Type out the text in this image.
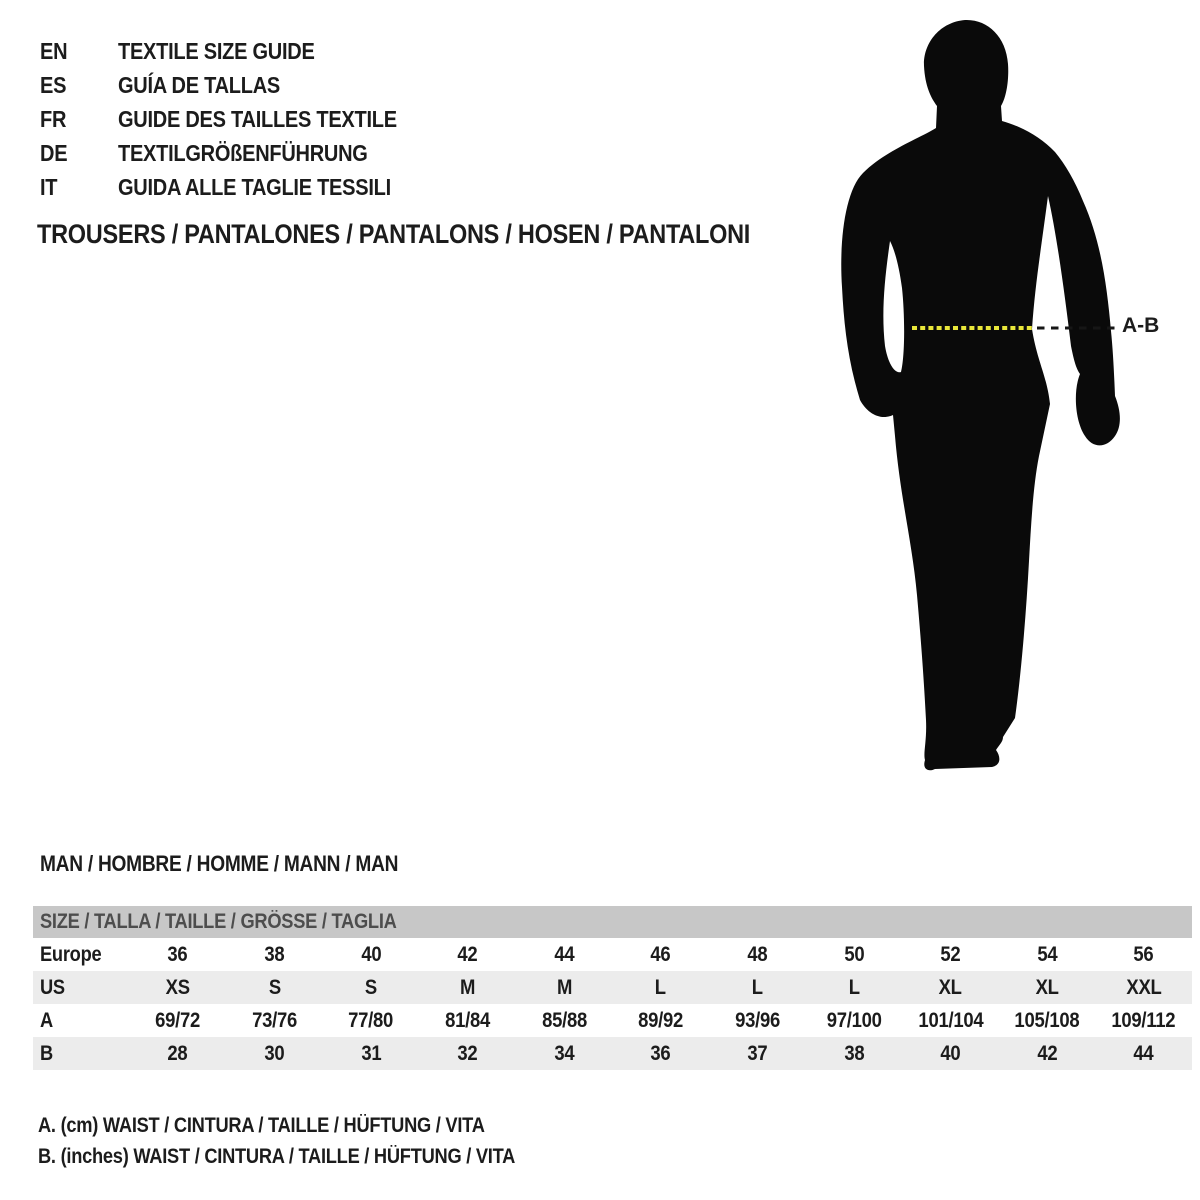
EN TEXTILE SIZE GUIDE
ES GUÍA DE TALLAS
FR GUIDE DES TAILLES TEXTILE
DE TEXTILGRÖßENFÜHRUNG
IT	GUIDA ALLE TAGLIE TESSILI
TROUSERS / PANTALONES / PANTALONS / HOSEN / PANTALONI
A-B
MAN / HOMBRE / HOMME / MANN / MAN
SIZE / TALLA / TAILLE / GRÖSSE / TAGLIA											
Europe	36	38	40	42	44	46	48	50	52	54	56
US	XS	S	S	M	M	L	L	L	XL	XL	XXL
A	69/72	73/76	77/80	81/84	85/88	89/92	93/96	97/100	101/104	105/108	109/112
B	28	30	31	32	34	36	37	38	40	42	44
A. (cm) WAIST / CINTURA / TAILLE / HÜFTUNG / VITA
B. (inches) WAIST / CINTURA / TAILLE / HÜFTUNG / VITA
